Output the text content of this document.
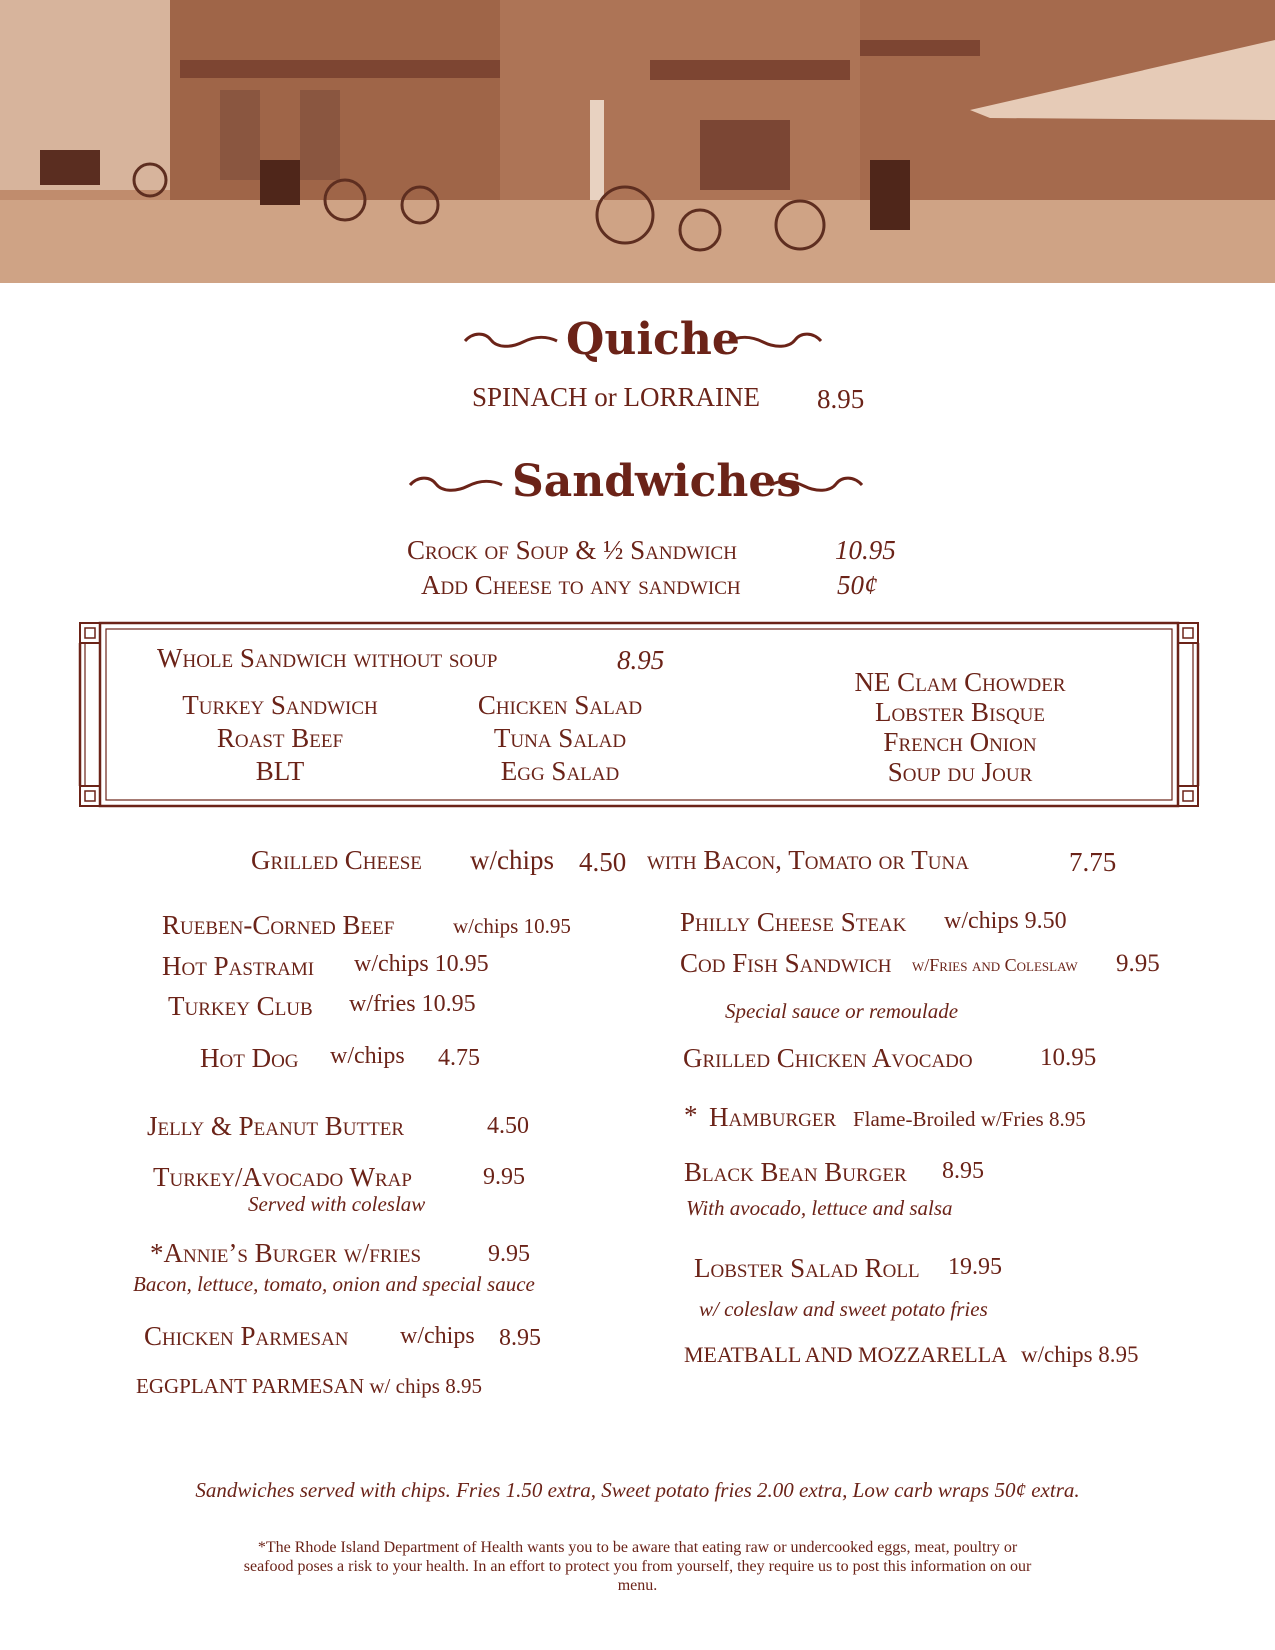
Quiche
SPINACH or LORRAINE 8.95
Sandwiches
Crock of Soup & ½ Sandwich	10.95
Add Cheese to any sandwich	50¢
Whole Sandwich without soup	8.95
Turkey Sandwich
Roast Beef
BLT
Chicken Salad
Tuna Salad
Egg Salad
NE Clam Chowder
Lobster Bisque
French Onion
Soup du Jour
Grilled Cheese w/chips 4.50 with Bacon, Tomato or Tuna	7.75
Rueben-Corned Beef	w/chips 10.95
Hot Pastrami w/chips 10.95
Turkey Club w/fries 10.95
Hot Dog w/chips 4.75
Jelly & Peanut Butter	4.50
Turkey/Avocado Wrap	9.95
Served with coleslaw
*Annie’s Burger w/fries	9.95
Bacon, lettuce, tomato, onion and special sauce
Chicken Parmesan w/chips 8.95
EGGPLANT PARMESAN w/ chips 8.95
Philly Cheese Steak w/chips 9.50
Cod Fish Sandwich w/Fries and Coleslaw 9.95
Special sauce or remoulade
Grilled Chicken Avocado	10.95
* Hamburger Flame-Broiled w/Fries 8.95
Black Bean Burger 8.95
With avocado, lettuce and salsa
Lobster Salad Roll 19.95
w/ coleslaw and sweet potato fries
MEATBALL AND MOZZARELLA w/chips 8.95
Sandwiches served with chips. Fries 1.50 extra, Sweet potato fries 2.00 extra, Low carb wraps 50¢ extra.
*The Rhode Island Department of Health wants you to be aware that eating raw or undercooked eggs, meat, poultry or
seafood poses a risk to your health. In an effort to protect you from yourself, they require us to post this information on our
menu.
